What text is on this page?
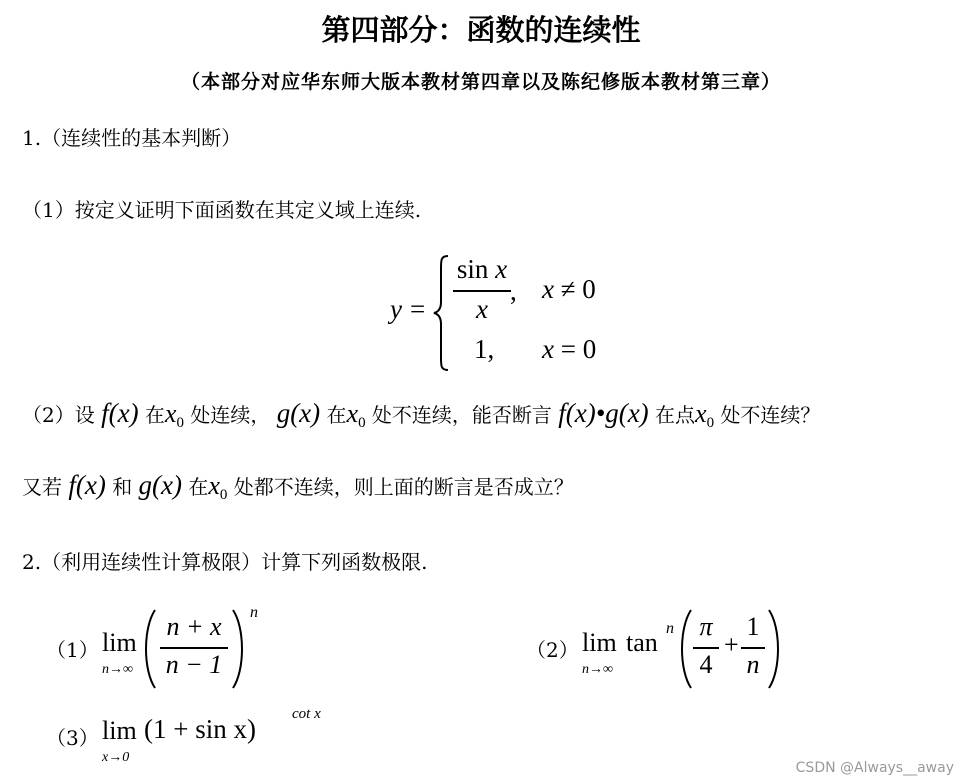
第四部分：函数的连续性
（本部分对应华东师大版本教材第四章以及陈纪修版本教材第三章）
1.（连续性的基本判断）
（1）按定义证明下面函数在其定义域上连续.
y =
sin x
x
, x ≠ 0
1, x = 0
（2）设 f(x) 在$x_0$ 处连续， g(x) 在$x_0$ 处不连续，能否断言 f(x)•g(x) 在点$x_0$ 处不连续？
又若 f(x) 和 g(x) 在$x_0$ 处都不连续，则上面的断言是否成立？
2.（利用连续性计算极限）计算下列函数极限.
（1） lim
n→∞
n + x
n − 1
n
（2） lim
n→∞
tan n π
4
+
1
n
（3） lim
x→0
(1 + sin x) cot x
CSDN @Always__away
